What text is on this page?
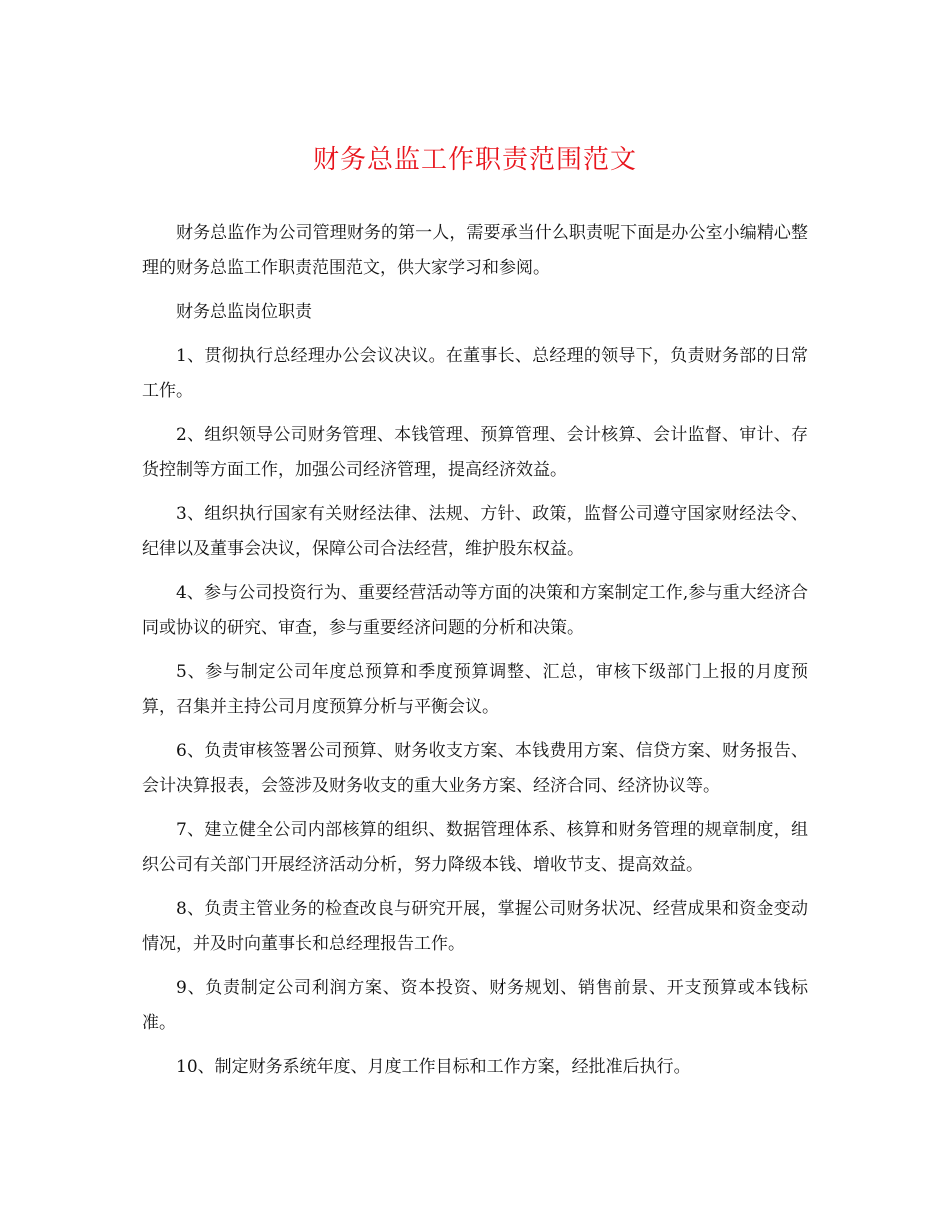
财务总监工作职责范围范文

财务总监作为公司管理财务的第一人，需要承当什么职责呢下面是办公室小编精心整理的财务总监工作职责范围范文，供大家学习和参阅。

财务总监岗位职责

1、贯彻执行总经理办公会议决议。在董事长、总经理的领导下，负责财务部的日常工作。

2、组织领导公司财务管理、本钱管理、预算管理、会计核算、会计监督、审计、存货控制等方面工作，加强公司经济管理，提高经济效益。

3、组织执行国家有关财经法律、法规、方针、政策，监督公司遵守国家财经法令、纪律以及董事会决议，保障公司合法经营，维护股东权益。

4、参与公司投资行为、重要经营活动等方面的决策和方案制定工作,参与重大经济合同或协议的研究、审查，参与重要经济问题的分析和决策。

5、参与制定公司年度总预算和季度预算调整、汇总，审核下级部门上报的月度预算，召集并主持公司月度预算分析与平衡会议。

6、负责审核签署公司预算、财务收支方案、本钱费用方案、信贷方案、财务报告、会计决算报表，会签涉及财务收支的重大业务方案、经济合同、经济协议等。

7、建立健全公司内部核算的组织、数据管理体系、核算和财务管理的规章制度，组织公司有关部门开展经济活动分析，努力降级本钱、增收节支、提高效益。

8、负责主管业务的检查改良与研究开展，掌握公司财务状况、经营成果和资金变动情况，并及时向董事长和总经理报告工作。

9、负责制定公司利润方案、资本投资、财务规划、销售前景、开支预算或本钱标准。

10、制定财务系统年度、月度工作目标和工作方案，经批准后执行。
